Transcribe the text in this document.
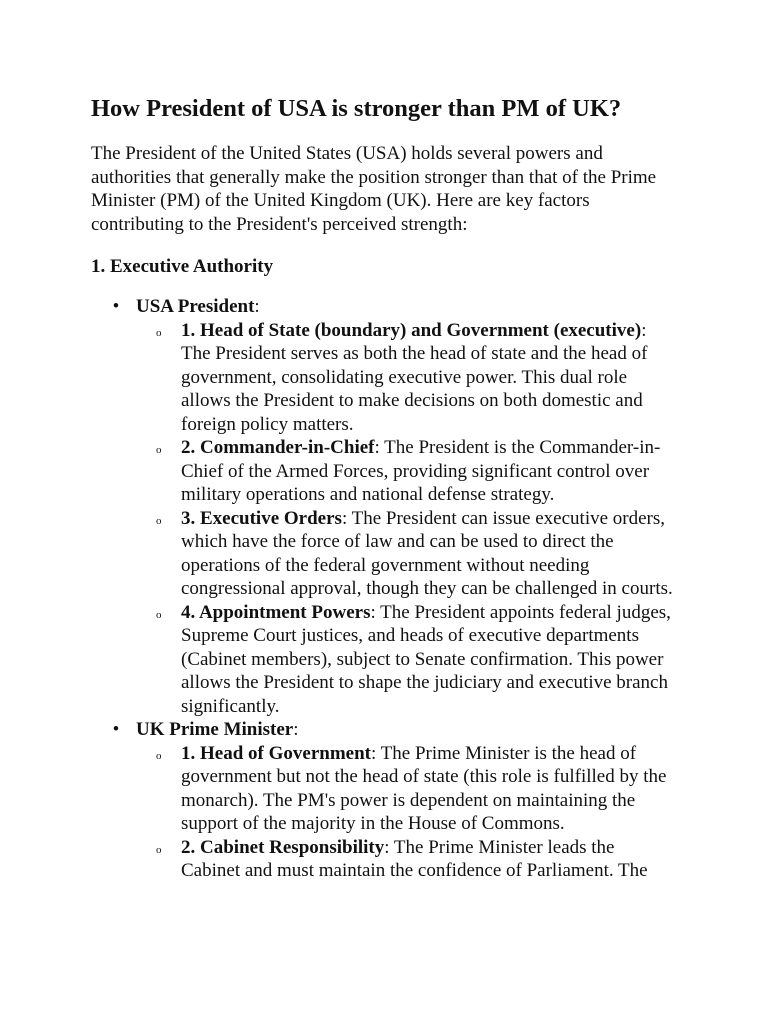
How President of USA is stronger than PM of UK?

The President of the United States (USA) holds several powers and authorities that generally make the position stronger than that of the Prime Minister (PM) of the United Kingdom (UK). Here are key factors contributing to the President's perceived strength:

1. Executive Authority
• USA President:
o 1. Head of State (boundary) and Government (executive): The President serves as both the head of state and the head of government, consolidating executive power. This dual role allows the President to make decisions on both domestic and foreign policy matters.
o 2. Commander-in-Chief: The President is the Commander-in-Chief of the Armed Forces, providing significant control over military operations and national defense strategy.
o 3. Executive Orders: The President can issue executive orders, which have the force of law and can be used to direct the operations of the federal government without needing congressional approval, though they can be challenged in courts.
o 4. Appointment Powers: The President appoints federal judges, Supreme Court justices, and heads of executive departments (Cabinet members), subject to Senate confirmation. This power allows the President to shape the judiciary and executive branch significantly.
• UK Prime Minister:
o 1. Head of Government: The Prime Minister is the head of government but not the head of state (this role is fulfilled by the monarch). The PM's power is dependent on maintaining the support of the majority in the House of Commons.
o 2. Cabinet Responsibility: The Prime Minister leads the Cabinet and must maintain the confidence of Parliament. The
